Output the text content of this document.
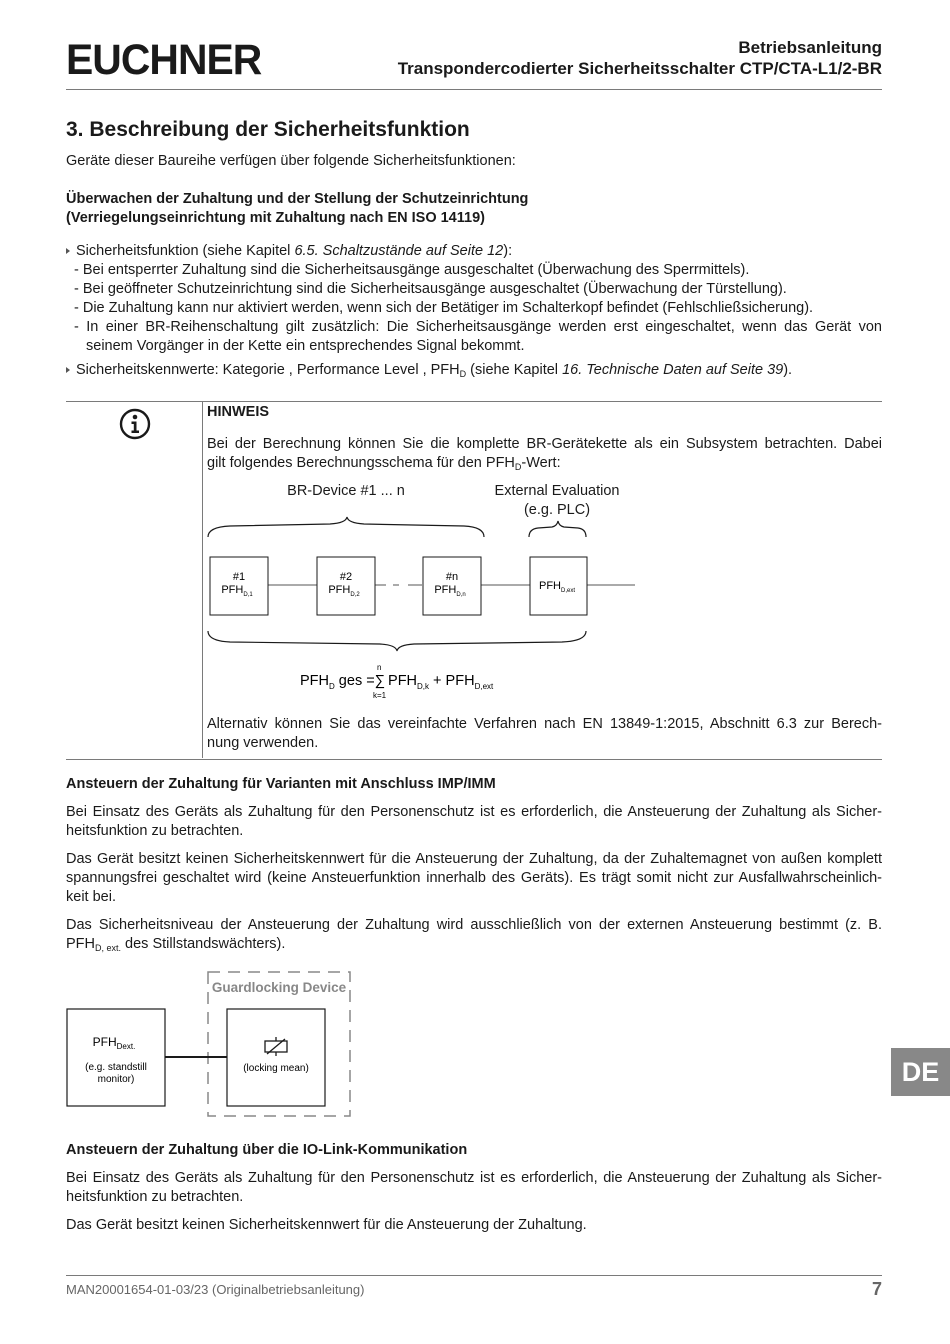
EUCHNER	Betriebsanleitung
Transpondercodierter Sicherheitsschalter CTP/CTA-L1/2-BR
3. Beschreibung der Sicherheitsfunktion
Geräte dieser Baureihe verfügen über folgende Sicherheitsfunktionen:
Überwachen der Zuhaltung und der Stellung der Schutzeinrichtung
(Verriegelungseinrichtung mit Zuhaltung nach EN ISO 14119)
Sicherheitsfunktion (siehe Kapitel 6.5. Schaltzustände auf Seite 12):
- Bei entsperrter Zuhaltung sind die Sicherheitsausgänge ausgeschaltet (Überwachung des Sperrmittels).
- Bei geöffneter Schutzeinrichtung sind die Sicherheitsausgänge ausgeschaltet (Überwachung der Türstellung).
- Die Zuhaltung kann nur aktiviert werden, wenn sich der Betätiger im Schalterkopf befindet (Fehlschließsicherung).
- In einer BR-Reihenschaltung gilt zusätzlich: Die Sicherheitsausgänge werden erst eingeschaltet, wenn das Gerät von
seinem Vorgänger in der Kette ein entsprechendes Signal bekommt.
Sicherheitskennwerte: Kategorie , Performance Level , $PFH_D$ (siehe Kapitel 16. Technische Daten auf Seite 39).
HINWEIS
Bei der Berechnung können Sie die komplette BR-Gerätekette als ein Subsystem betrachten. Dabei
gilt folgendes Berechnungsschema für den $PFH_D$-Wert:
BR-Device #1 ... n	External Evaluation
(e.g. PLC)
#1
$PFH_{D,1}$
#2
$PFH_{D,2}$
#n
$PFH_{D,n}$
$PFH_{D,ext}$
$PFH_D$ ges =∑ $PFH_{D,k} + PFH_{D,ext}$
n
k=1
Alternativ können Sie das vereinfachte Verfahren nach EN 13849-1:2015, Abschnitt 6.3 zur Berech-
nung verwenden.
Ansteuern der Zuhaltung für Varianten mit Anschluss IMP/IMM
Bei Einsatz des Geräts als Zuhaltung für den Personenschutz ist es erforderlich, die Ansteuerung der Zuhaltung als Sicher-
heitsfunktion zu betrachten.
Das Gerät besitzt keinen Sicherheitskennwert für die Ansteuerung der Zuhaltung, da der Zuhaltemagnet von außen komplett
spannungsfrei geschaltet wird (keine Ansteuerfunktion innerhalb des Geräts). Es trägt somit nicht zur Ausfallwahrscheinlich-
keit bei.
Das Sicherheitsniveau der Ansteuerung der Zuhaltung wird ausschließlich von der externen Ansteuerung bestimmt (z. B.
$PFH_{D, ext.}$ des Stillstandswächters).
Guardlocking Device
$PFH_{Dext.}$
(e.g. standstill
monitor)
(locking mean)
Ansteuern der Zuhaltung über die IO-Link-Kommunikation
Bei Einsatz des Geräts als Zuhaltung für den Personenschutz ist es erforderlich, die Ansteuerung der Zuhaltung als Sicher-
heitsfunktion zu betrachten.
Das Gerät besitzt keinen Sicherheitskennwert für die Ansteuerung der Zuhaltung.
DE
MAN20001654-01-03/23 (Originalbetriebsanleitung)	7
